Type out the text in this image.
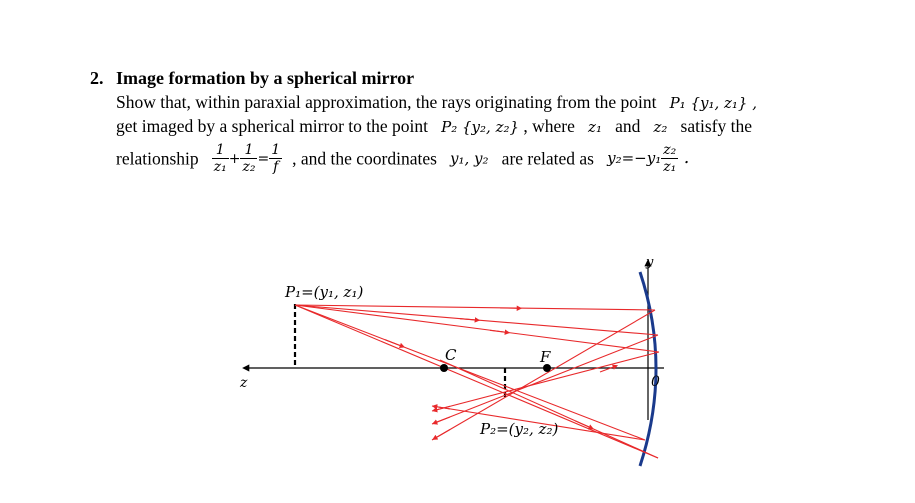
2. Image formation by a spherical mirror
Show that, within paraxial approximation, the rays originating from the point P₁ {y₁, z₁} ,
get imaged by a spherical mirror to the point P₂ {y₂, z₂} , where z₁ and z₂ satisfy the
relationship $\frac{1}{\text{z₁}} + \frac{1}{\text{z₂}} = \frac{1}{f}$ , and the coordinates y₁, y₂ are related as $y_2=-y_1 \frac{\text{z₂}}{\text{z₁}}$ .
P₁=(y₁, z₁)
P₂=(y₂, z₂)
C	F
z
y
0
